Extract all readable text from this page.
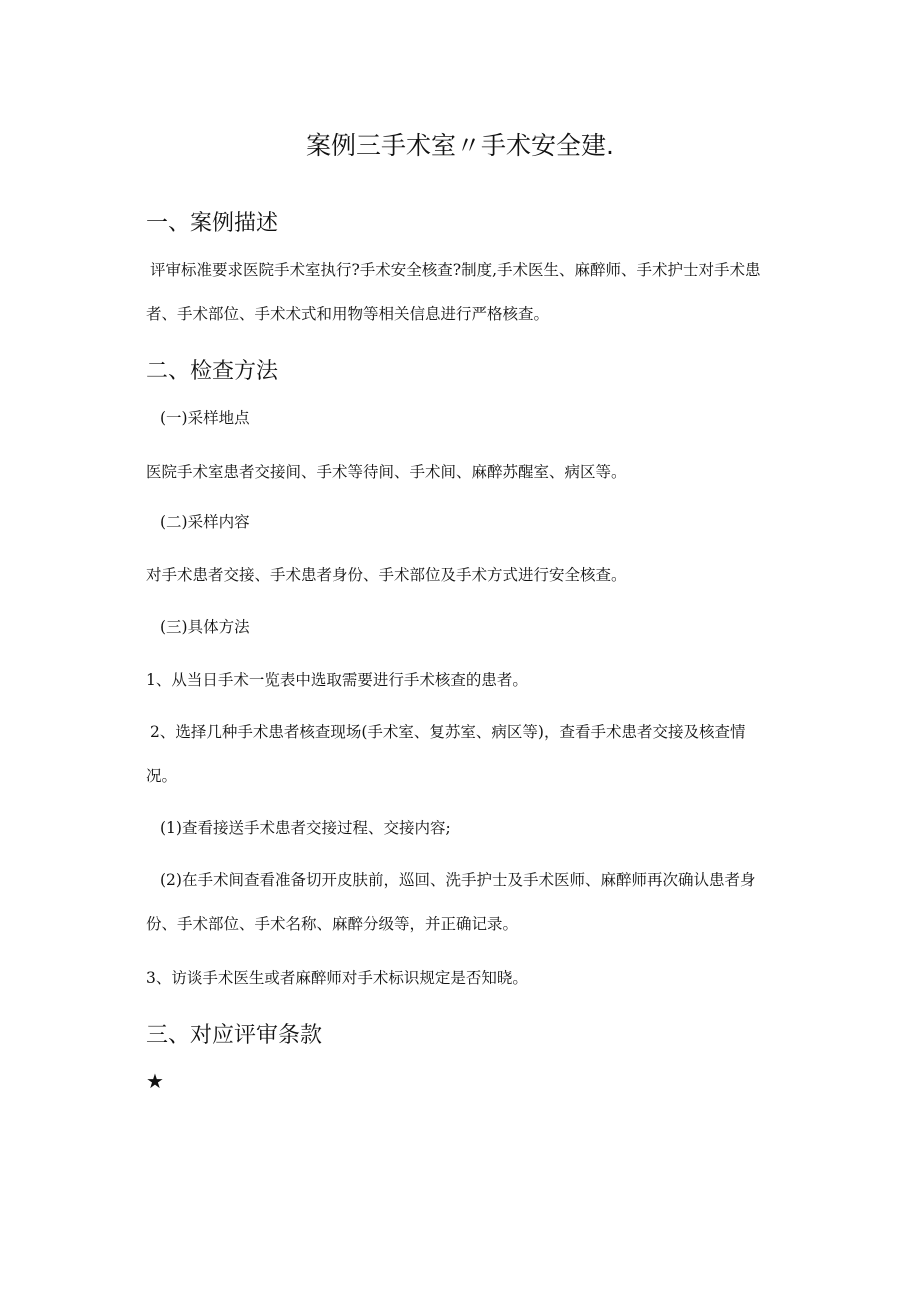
案例三手术室〃手术安全建.
一、案例描述

评审标准要求医院手术室执行?手术安全核查?制度,手术医生、麻醉师、手术护士对手术患

者、手术部位、手术术式和用物等相关信息进行严格核查。

二、检查方法

(一)采样地点

医院手术室患者交接间、手术等待间、手术间、麻醉苏醒室、病区等。

(二)采样内容

对手术患者交接、手术患者身份、手术部位及手术方式进行安全核查。

(三)具体方法

1、从当日手术一览表中选取需要进行手术核查的患者。

2、选择几种手术患者核查现场(手术室、复苏室、病区等)，查看手术患者交接及核查情

况。

(1)查看接送手术患者交接过程、交接内容;

(2)在手术间查看准备切开皮肤前，巡回、洗手护士及手术医师、麻醉师再次确认患者身

份、手术部位、手术名称、麻醉分级等，并正确记录。

3、访谈手术医生或者麻醉师对手术标识规定是否知晓。

三、对应评审条款

★
